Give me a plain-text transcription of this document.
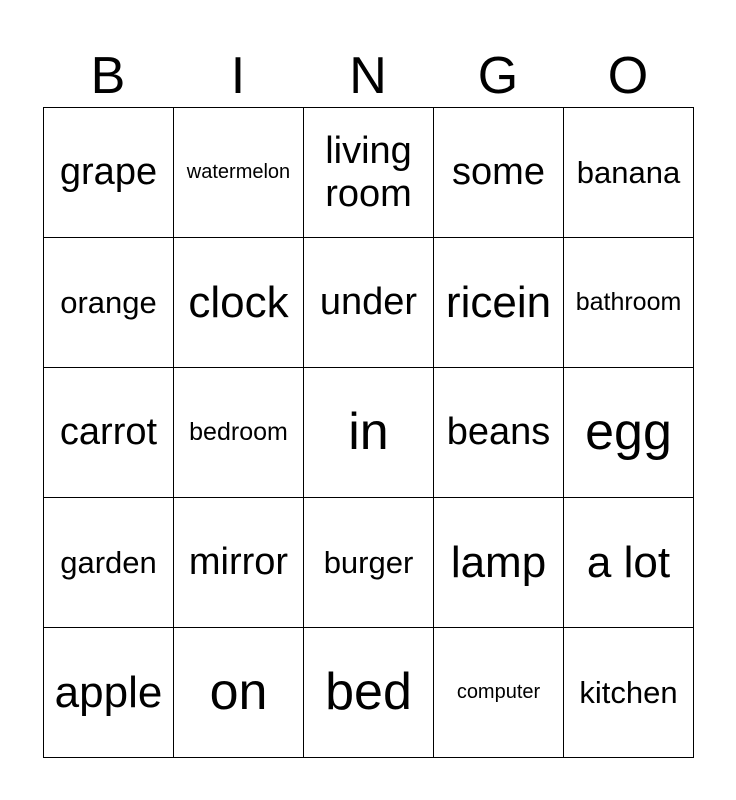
B	I	N	G	O
grape	watermelon	living room	some	banana

orange	clock	under	ricein	bathroom

carrot	bedroom	in	beans	egg

garden	mirror	burger	lamp	a lot

apple	on	bed	computer	kitchen
